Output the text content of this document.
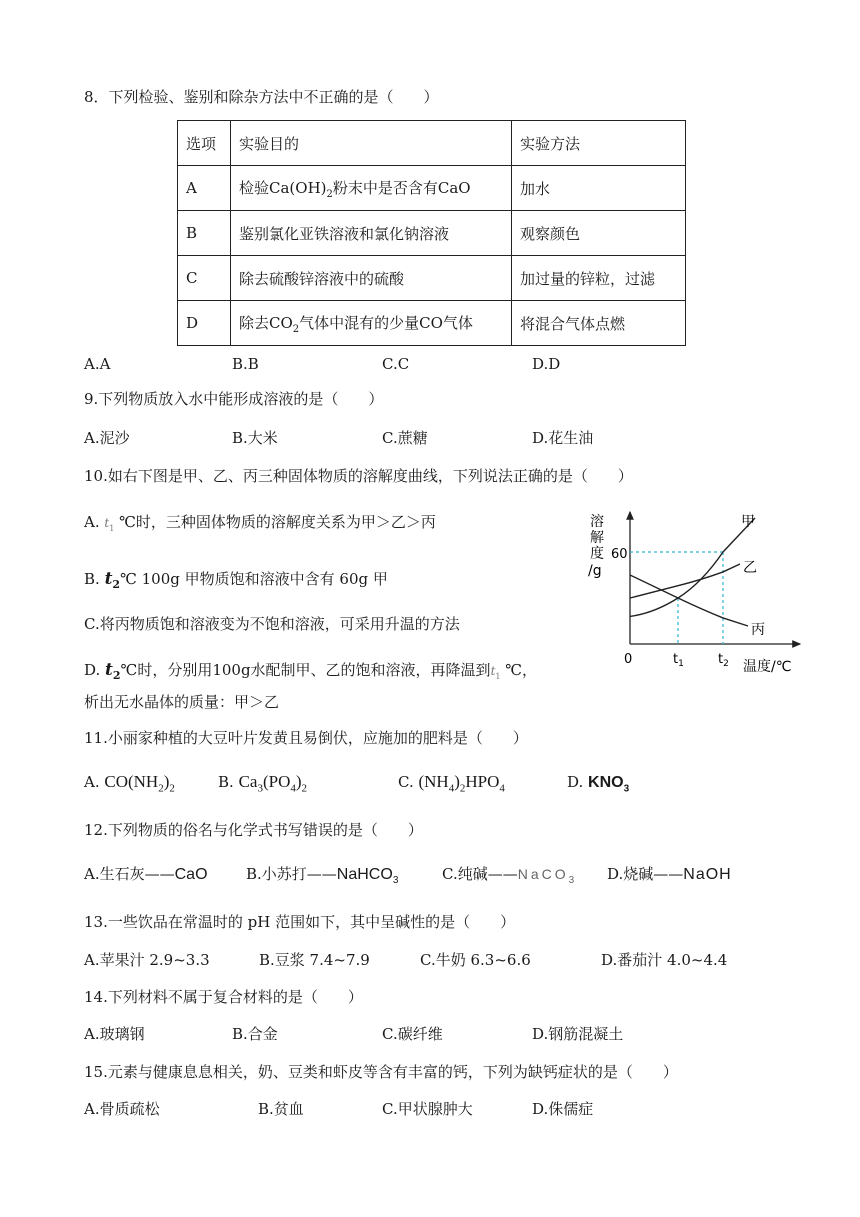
8．下列检验、鉴别和除杂方法中不正确的是（　　）
选项	实验目的	实验方法
A	检验$Ca(OH)_2$粉末中是否含有CaO	加水
B	鉴别氯化亚铁溶液和氯化钠溶液	观察颜色
C	除去硫酸锌溶液中的硫酸	加过量的锌粒，过滤
D	除去$CO_2$气体中混有的少量CO气体	将混合气体点燃
A.A	B.B	C.C	D.D
9.下列物质放入水中能形成溶液的是（　　）
A.泥沙	B.大米	C.蔗糖	D.花生油
10.如右下图是甲、乙、丙三种固体物质的溶解度曲线，下列说法正确的是（　　）
A. $t_1$ ℃时，三种固体物质的溶解度关系为甲＞乙＞丙
B. $t_2℃$ 100g 甲物质饱和溶液中含有 60g 甲
C.将丙物质饱和溶液变为不饱和溶液，可采用升温的方法
D. $t_2℃$时，分别用100g水配制甲、乙的饱和溶液，再降温到$t_1$ ℃，
析出无水晶体的质量：甲＞乙
溶
解
度
/g
0
60
$t_1$	$t_2$ 温度/℃
甲
乙
丙
11.小丽家种植的大豆叶片发黄且易倒伏，应施加的肥料是（　　）
A. $CO(NH_2)_2$	B. $Ca_3(PO_4)_2$	C. $(NH_4)_2HPO_4$	D. $KNO_3$
12.下列物质的俗名与化学式书写错误的是（　　）
A.生石灰——CaO	B.小苏打——NaHCO$_3$	C.纯碱——NaCO$_3$ D.烧碱——NaOH
13.一些饮品在常温时的 pH 范围如下，其中呈碱性的是（　　）
A.苹果汁 2.9~3.3	B.豆浆 7.4~7.9	C.牛奶 6.3~6.6	D.番茄汁 4.0~4.4
14.下列材料不属于复合材料的是（　　）
A.玻璃钢	B.合金	C.碳纤维	D.钢筋混凝土
15.元素与健康息息相关，奶、豆类和虾皮等含有丰富的钙，下列为缺钙症状的是（　　）
A.骨质疏松	B.贫血	C.甲状腺肿大	D.侏儒症
